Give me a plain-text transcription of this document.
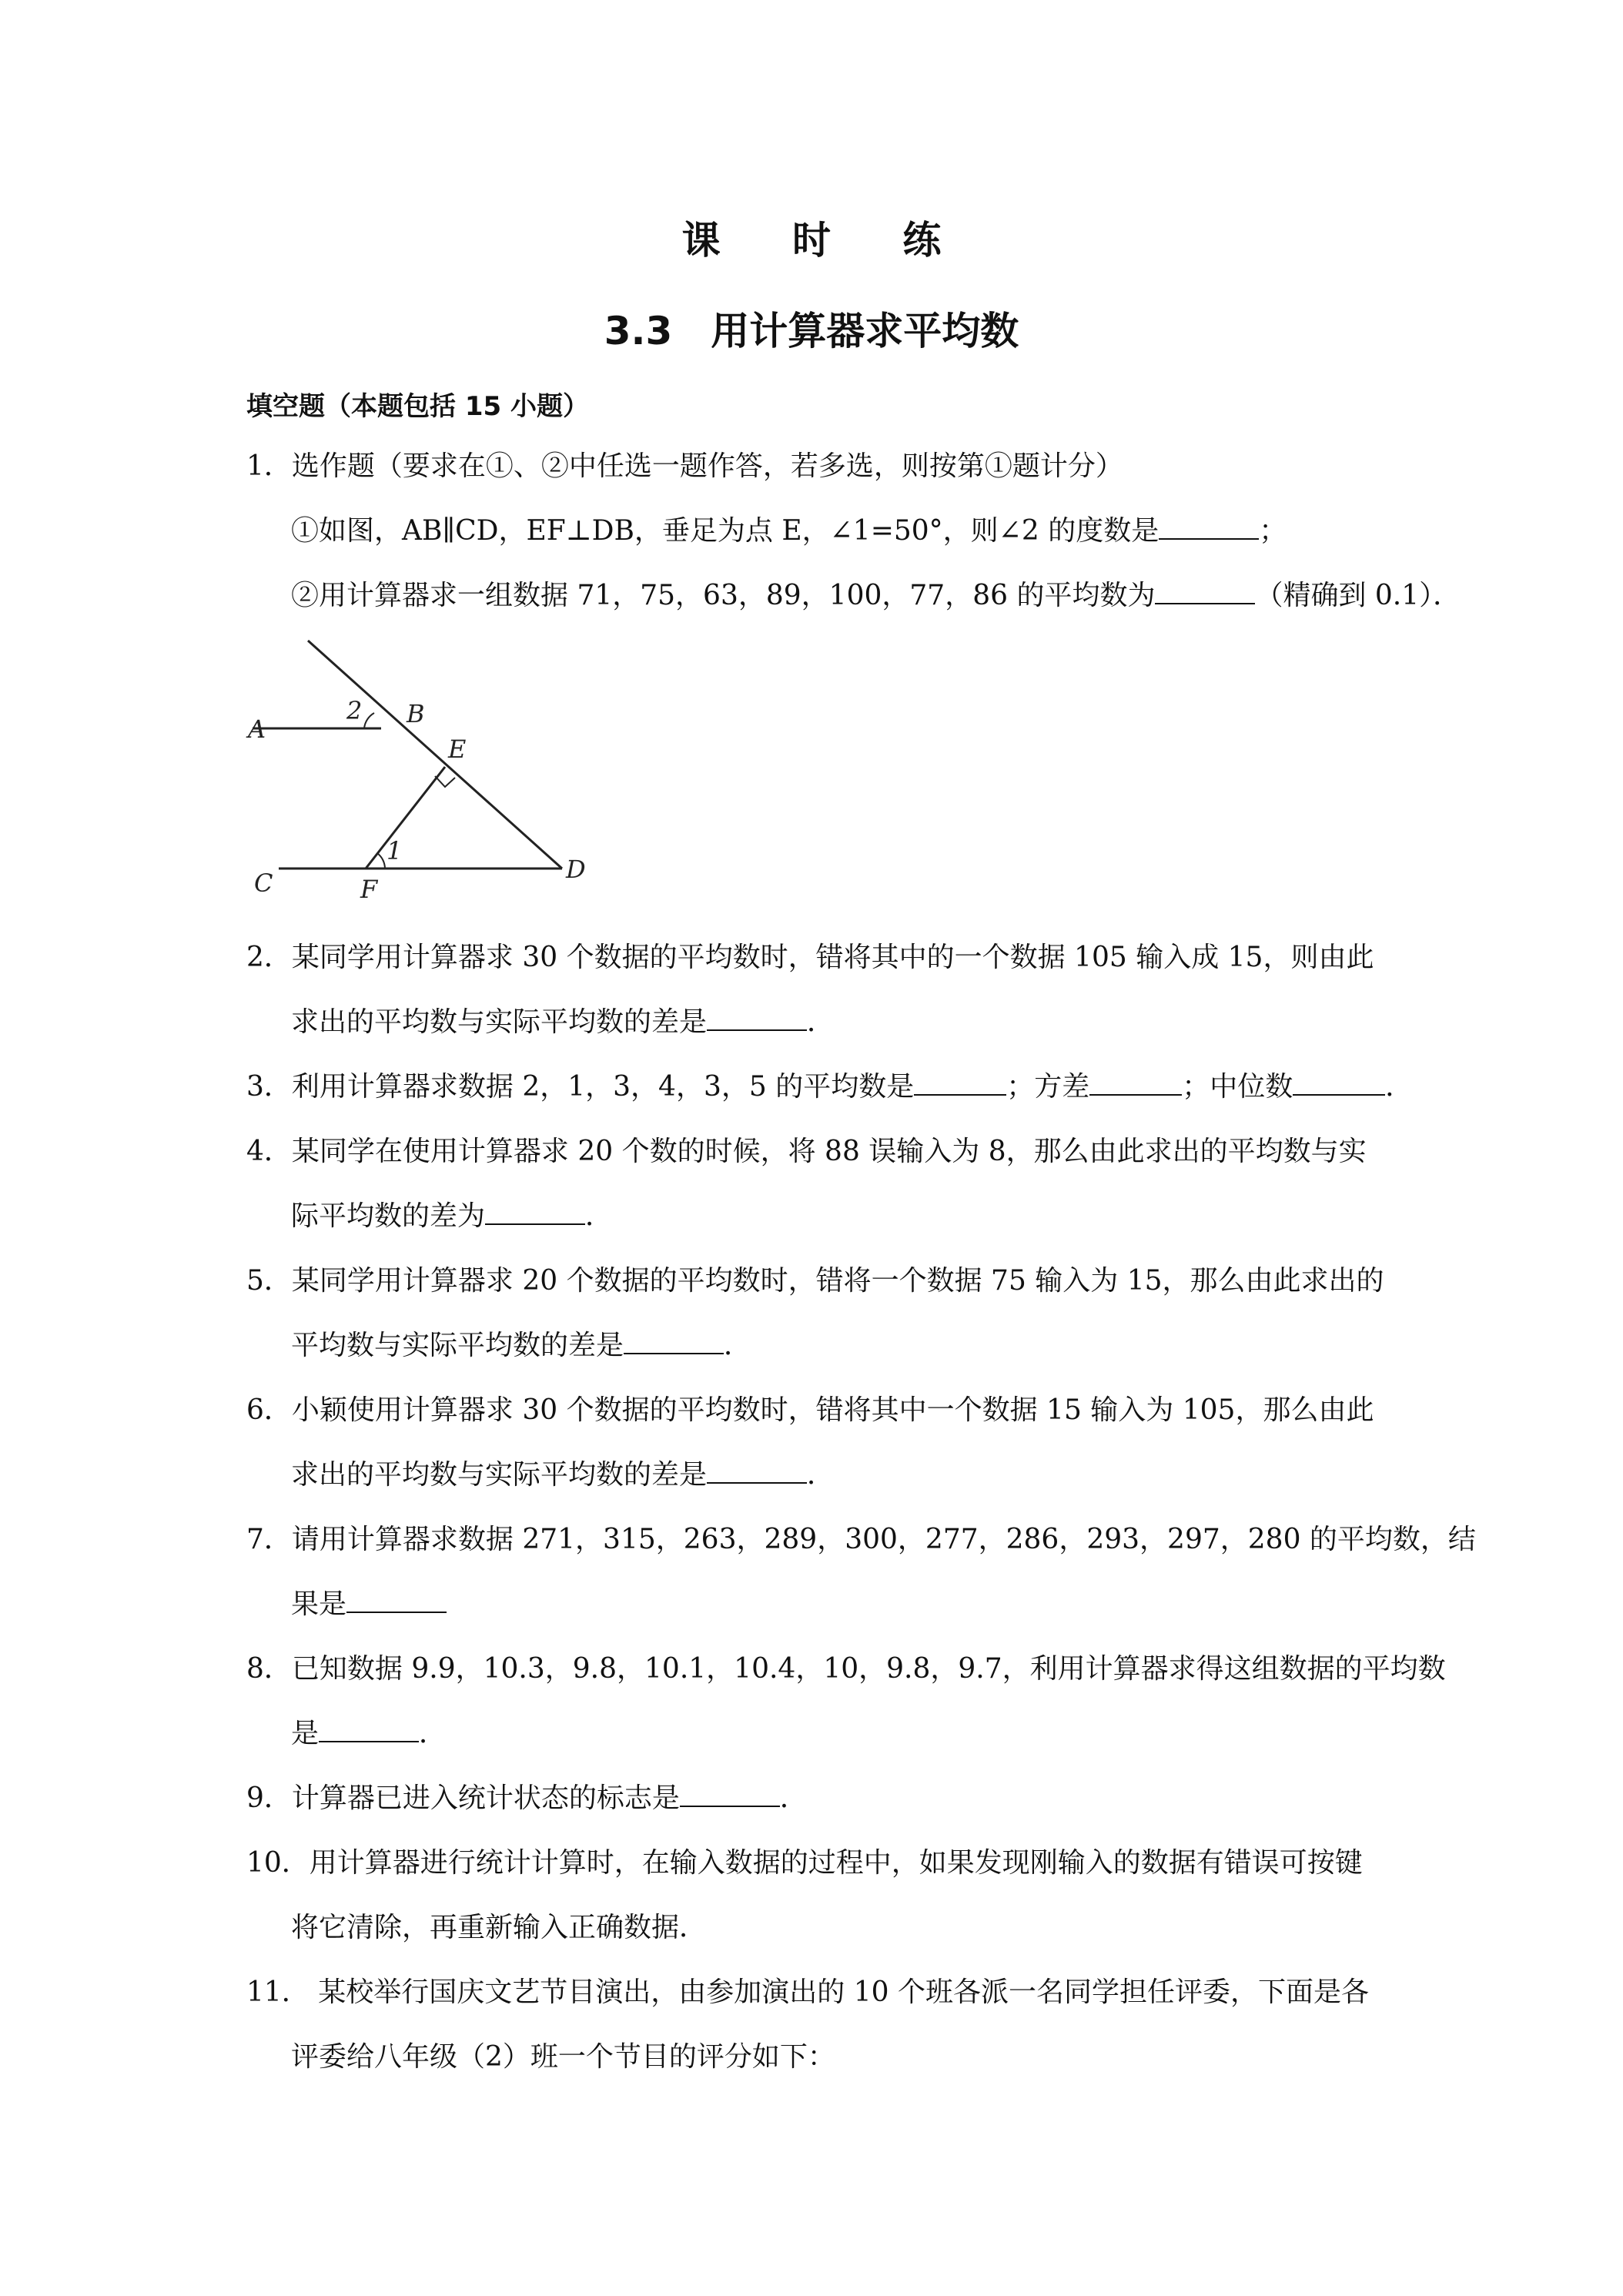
课 时 练
3.3　用计算器求平均数
填空题（本题包括 15 小题）
1．选作题（要求在①、②中任选一题作答，若多选，则按第①题计分）
①如图，AB∥CD，EF⊥DB，垂足为点 E，∠1=50°，则∠2 的度数是	；
②用计算器求一组数据 71，75，63，89，100，77，86 的平均数为	（精确到 0.1）．
A
2 B
E
1
C	F
D
2．某同学用计算器求 30 个数据的平均数时，错将其中的一个数据 105 输入成 15，则由此
求出的平均数与实际平均数的差是	．
3．利用计算器求数据 2，1，3，4，3，5 的平均数是	；方差	；中位数	．
4．某同学在使用计算器求 20 个数的时候，将 88 误输入为 8，那么由此求出的平均数与实
际平均数的差为	．
5．某同学用计算器求 20 个数据的平均数时，错将一个数据 75 输入为 15，那么由此求出的
平均数与实际平均数的差是	．
6．小颖使用计算器求 30 个数据的平均数时，错将其中一个数据 15 输入为 105，那么由此
求出的平均数与实际平均数的差是	．
7．请用计算器求数据 271，315，263，289，300，277，286，293，297，280 的平均数，结
果是
8．已知数据 9.9，10.3，9.8，10.1，10.4，10，9.8，9.7，利用计算器求得这组数据的平均数
是	．
9．计算器已进入统计状态的标志是	．
10．用计算器进行统计计算时，在输入数据的过程中，如果发现刚输入的数据有错误可按键
将它清除，再重新输入正确数据．
11． 某校举行国庆文艺节目演出，由参加演出的 10 个班各派一名同学担任评委，下面是各
评委给八年级（2）班一个节目的评分如下：
